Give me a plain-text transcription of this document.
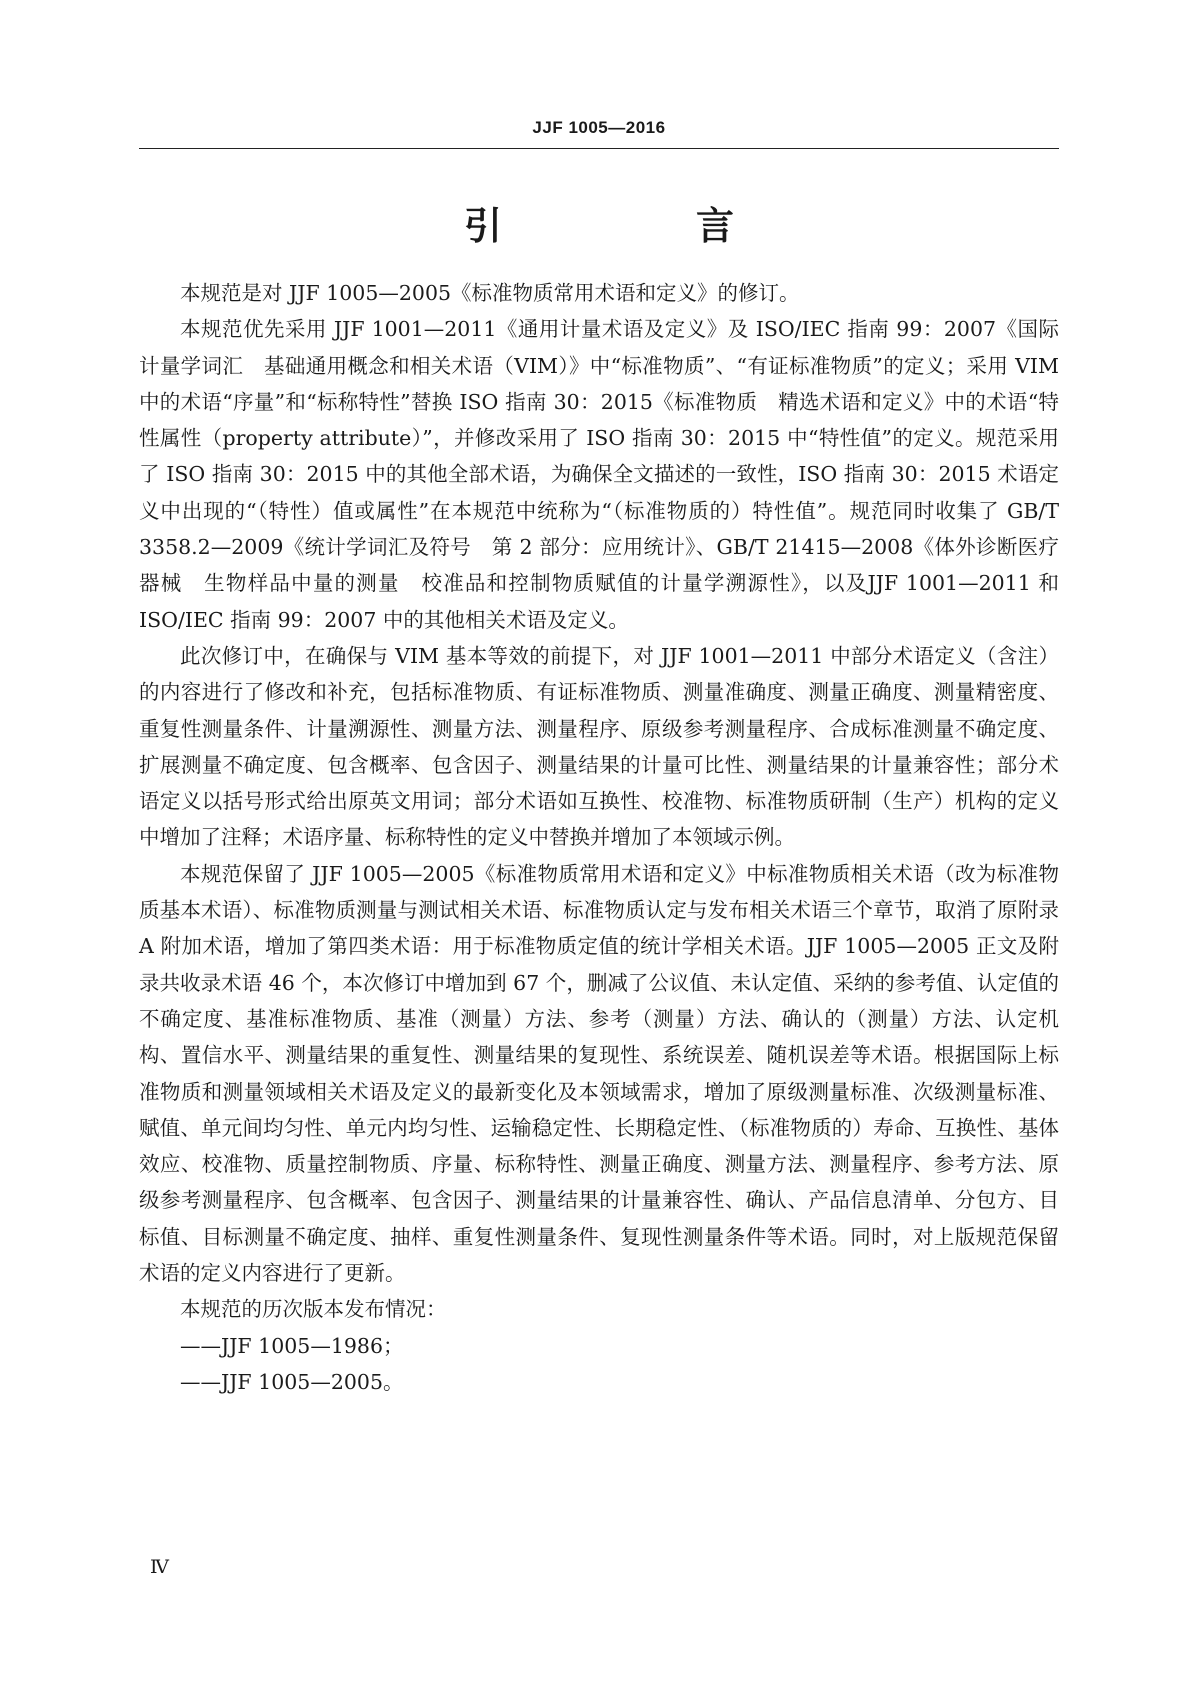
JJF 1005—2016
引　言

本规范是对 JJF 1005—2005《标准物质常用术语和定义》的修订。

本规范优先采用 JJF 1001—2011《通用计量术语及定义》及 ISO/IEC 指南 99：2007《国际计量学词汇　基础通用概念和相关术语（VIM）》中“标准物质”、“有证标准物质”的定义；采用 VIM 中的术语“序量”和“标称特性”替换 ISO 指南 30：2015《标准物质　精选术语和定义》中的术语“特性属性（property attribute）”，并修改采用了 ISO 指南 30：2015 中“特性值”的定义。规范采用了 ISO 指南 30：2015 中的其他全部术语，为确保全文描述的一致性，ISO 指南 30：2015 术语定义中出现的“（特性）值或属性”在本规范中统称为“（标准物质的）特性值”。规范同时收集了 GB/T 3358.2—2009《统计学词汇及符号　第 2 部分：应用统计》、GB/T 21415—2008《体外诊断医疗器械　生物样品中量的测量　校准品和控制物质赋值的计量学溯源性》，以及JJF 1001—2011 和 ISO/IEC 指南 99：2007 中的其他相关术语及定义。

此次修订中，在确保与 VIM 基本等效的前提下，对 JJF 1001—2011 中部分术语定义（含注）的内容进行了修改和补充，包括标准物质、有证标准物质、测量准确度、测量正确度、测量精密度、重复性测量条件、计量溯源性、测量方法、测量程序、原级参考测量程序、合成标准测量不确定度、扩展测量不确定度、包含概率、包含因子、测量结果的计量可比性、测量结果的计量兼容性；部分术语定义以括号形式给出原英文用词；部分术语如互换性、校准物、标准物质研制（生产）机构的定义中增加了注释；术语序量、标称特性的定义中替换并增加了本领域示例。

本规范保留了 JJF 1005—2005《标准物质常用术语和定义》中标准物质相关术语（改为标准物质基本术语）、标准物质测量与测试相关术语、标准物质认定与发布相关术语三个章节，取消了原附录 A 附加术语，增加了第四类术语：用于标准物质定值的统计学相关术语。JJF 1005—2005 正文及附录共收录术语 46 个，本次修订中增加到 67 个，删减了公议值、未认定值、采纳的参考值、认定值的不确定度、基准标准物质、基准（测量）方法、参考（测量）方法、确认的（测量）方法、认定机构、置信水平、测量结果的重复性、测量结果的复现性、系统误差、随机误差等术语。根据国际上标准物质和测量领域相关术语及定义的最新变化及本领域需求，增加了原级测量标准、次级测量标准、赋值、单元间均匀性、单元内均匀性、运输稳定性、长期稳定性、（标准物质的）寿命、互换性、基体效应、校准物、质量控制物质、序量、标称特性、测量正确度、测量方法、测量程序、参考方法、原级参考测量程序、包含概率、包含因子、测量结果的计量兼容性、确认、产品信息清单、分包方、目标值、目标测量不确定度、抽样、重复性测量条件、复现性测量条件等术语。同时，对上版规范保留术语的定义内容进行了更新。

本规范的历次版本发布情况：

——JJF 1005—1986；

——JJF 1005—2005。

Ⅳ
